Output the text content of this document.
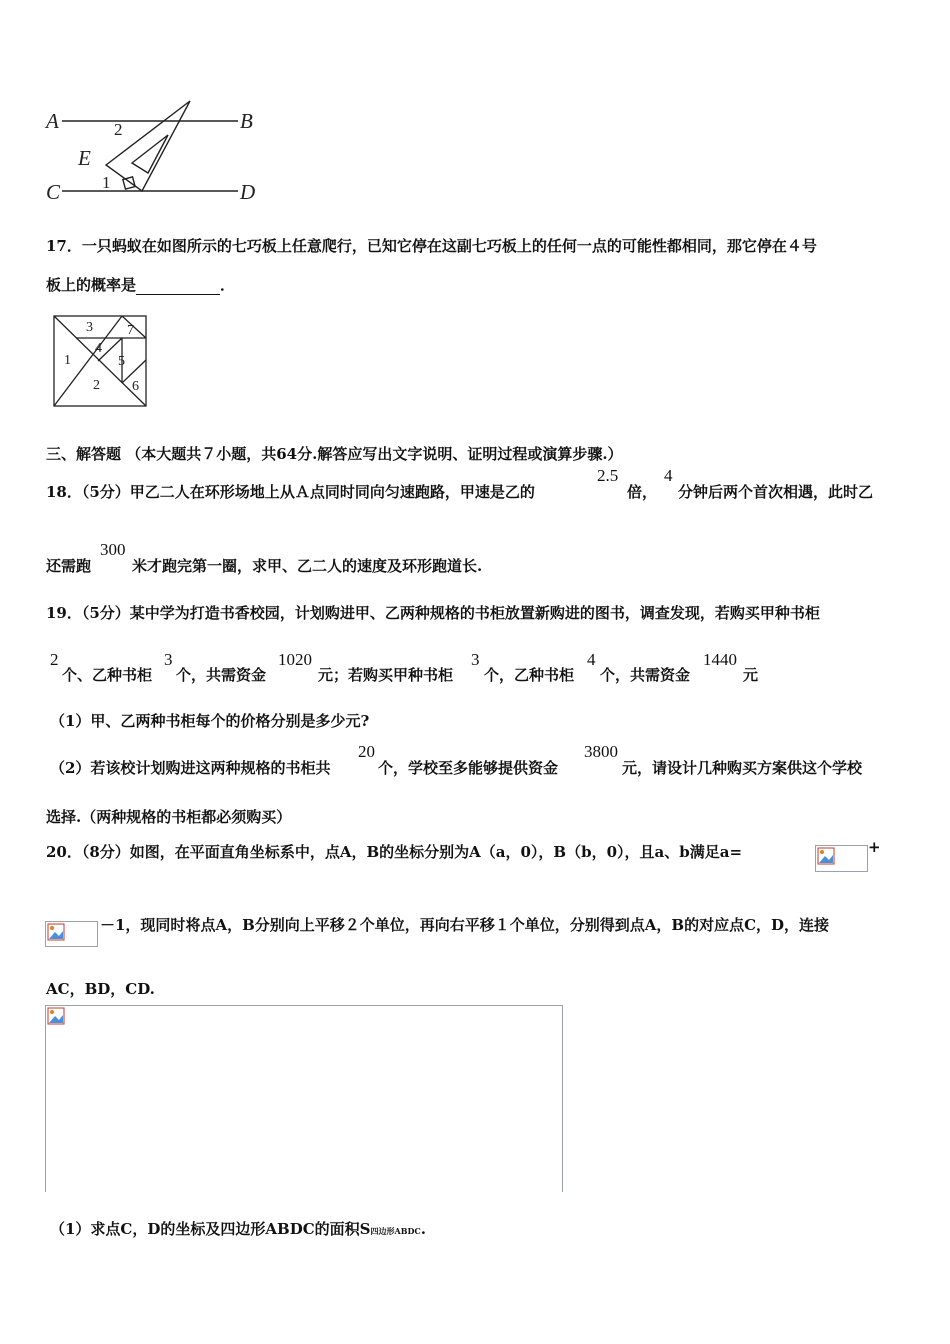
A	B
C	D
E
2
1
17．一只蚂蚁在如图所示的七巧板上任意爬行，已知它停在这副七巧板上的任何一点的可能性都相同，那它停在４号
板上的概率是	．
1
2
3
4
5
6
7
三、解答题 （本大题共７小题，共64分.解答应写出文字说明、证明过程或演算步骤.）
18．（5分）甲乙二人在环形场地上从Ａ点同时同向匀速跑路，甲速是乙的
2.5
倍，
4
分钟后两个首次相遇，此时乙
还需跑
300
米才跑完第一圈，求甲、乙二人的速度及环形跑道长.
19．（5分）某中学为打造书香校园，计划购进甲、乙两种规格的书柜放置新购进的图书，调查发现，若购买甲种书柜
2
个、乙种书柜
3
个，共需资金
1020
元；若购买甲种书柜
3
个，乙种书柜
4
个，共需资金
1440
元
（1）甲、乙两种书柜每个的价格分别是多少元?
（2）若该校计划购进这两种规格的书柜共
20
个，学校至多能够提供资金
3800
元，请设计几种购买方案供这个学校
选择.（两种规格的书柜都必须购买）
20．（8分）如图，在平面直角坐标系中，点A，B的坐标分别为A（a，0），B（b，0），且a、b满足a=	+
－1，现同时将点A，B分别向上平移２个单位，再向右平移１个单位，分别得到点A，B的对应点C，D，连接
AC，BD，CD.
（1）求点C，D的坐标及四边形ABDC的面积S四边形ABDC.
